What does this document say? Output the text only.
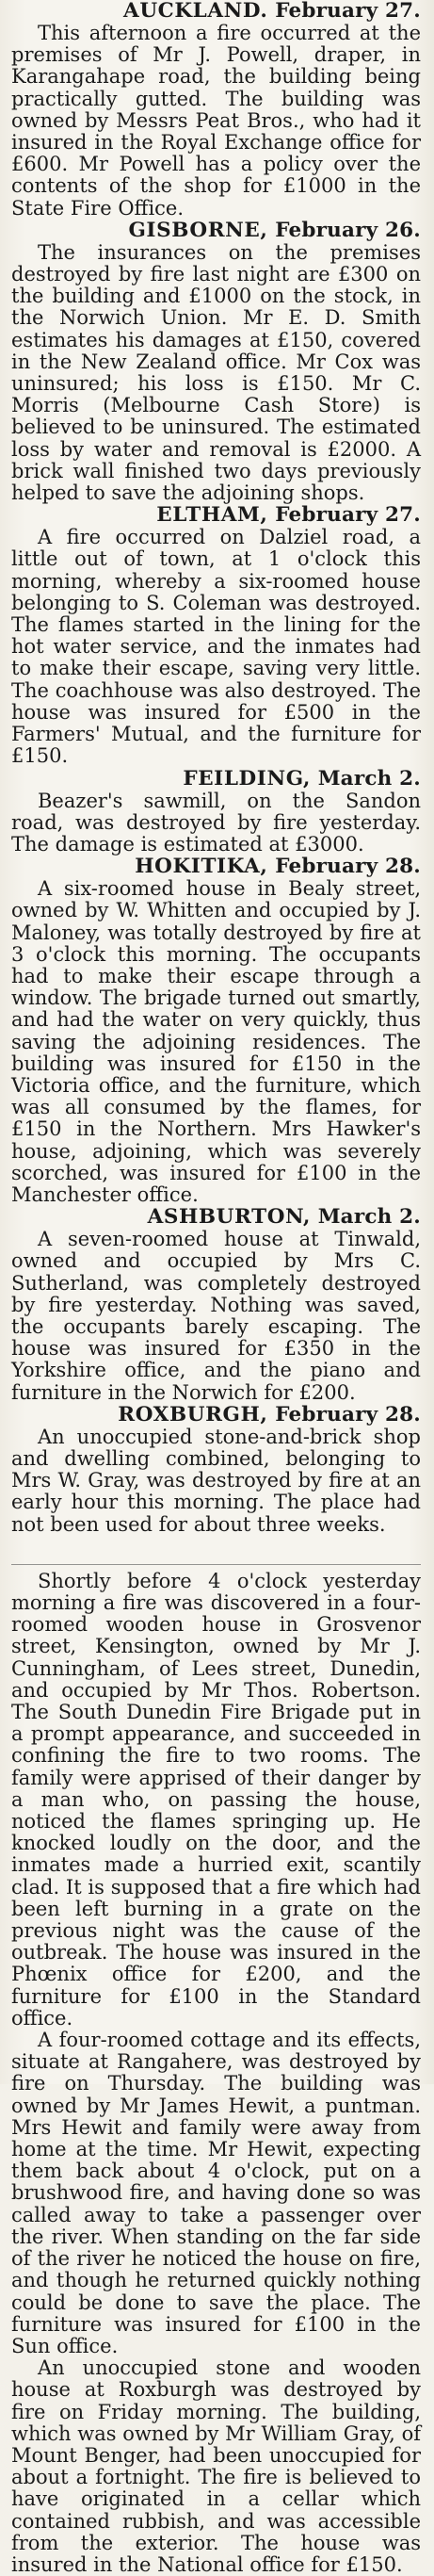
AUCKLAND. February 27.

This afternoon a fire occurred at the premises of Mr J. Powell, draper, in Karangahape road, the building being practically gutted. The building was owned by Messrs Peat Bros., who had it insured in the Royal Exchange office for £600. Mr Powell has a policy over the contents of the shop for £1000 in the State Fire Office.

GISBORNE, February 26.

The insurances on the premises destroyed by fire last night are £300 on the building and £1000 on the stock, in the Norwich Union. Mr E. D. Smith estimates his damages at £150, covered in the New Zealand office. Mr Cox was uninsured; his loss is £150. Mr C. Morris (Melbourne Cash Store) is believed to be uninsured. The estimated loss by water and removal is £2000. A brick wall finished two days previously helped to save the adjoining shops.

ELTHAM, February 27.

A fire occurred on Dalziel road, a little out of town, at 1 o'clock this morning, whereby a six-roomed house belonging to S. Coleman was destroyed. The flames started in the lining for the hot water service, and the inmates had to make their escape, saving very little. The coachhouse was also destroyed. The house was insured for £500 in the Farmers' Mutual, and the furniture for £150.

FEILDING, March 2.

Beazer's sawmill, on the Sandon road, was destroyed by fire yesterday. The damage is estimated at £3000.

HOKITIKA, February 28.

A six-roomed house in Bealy street, owned by W. Whitten and occupied by J. Maloney, was totally destroyed by fire at 3 o'clock this morning. The occupants had to make their escape through a window. The brigade turned out smartly, and had the water on very quickly, thus saving the adjoining residences. The building was insured for £150 in the Victoria office, and the furniture, which was all consumed by the flames, for £150 in the Northern. Mrs Hawker's house, adjoining, which was severely scorched, was insured for £100 in the Manchester office.

ASHBURTON, March 2.

A seven-roomed house at Tinwald, owned and occupied by Mrs C. Sutherland, was completely destroyed by fire yesterday. Nothing was saved, the occupants barely escaping. The house was insured for £350 in the Yorkshire office, and the piano and furniture in the Norwich for £200.

ROXBURGH, February 28.

An unoccupied stone-and-brick shop and dwelling combined, belonging to Mrs W. Gray, was destroyed by fire at an early hour this morning. The place had not been used for about three weeks.

Shortly before 4 o'clock yesterday morning a fire was discovered in a four-roomed wooden house in Grosvenor street, Kensington, owned by Mr J. Cunningham, of Lees street, Dunedin, and occupied by Mr Thos. Robertson. The South Dunedin Fire Brigade put in a prompt appearance, and succeeded in confining the fire to two rooms. The family were apprised of their danger by a man who, on passing the house, noticed the flames springing up. He knocked loudly on the door, and the inmates made a hurried exit, scantily clad. It is supposed that a fire which had been left burning in a grate on the previous night was the cause of the outbreak. The house was insured in the Phœnix office for £200, and the furniture for £100 in the Standard office.

A four-roomed cottage and its effects, situate at Rangahere, was destroyed by fire on Thursday. The building was owned by Mr James Hewit, a puntman. Mrs Hewit and family were away from home at the time. Mr Hewit, expecting them back about 4 o'clock, put on a brushwood fire, and having done so was called away to take a passenger over the river. When standing on the far side of the river he noticed the house on fire, and though he returned quickly nothing could be done to save the place. The furniture was insured for £100 in the Sun office.

An unoccupied stone and wooden house at Roxburgh was destroyed by fire on Friday morning. The building, which was owned by Mr William Gray, of Mount Benger, had been unoccupied for about a fortnight. The fire is believed to have originated in a cellar which contained rubbish, and was accessible from the exterior. The house was insured in the National office for £150.
